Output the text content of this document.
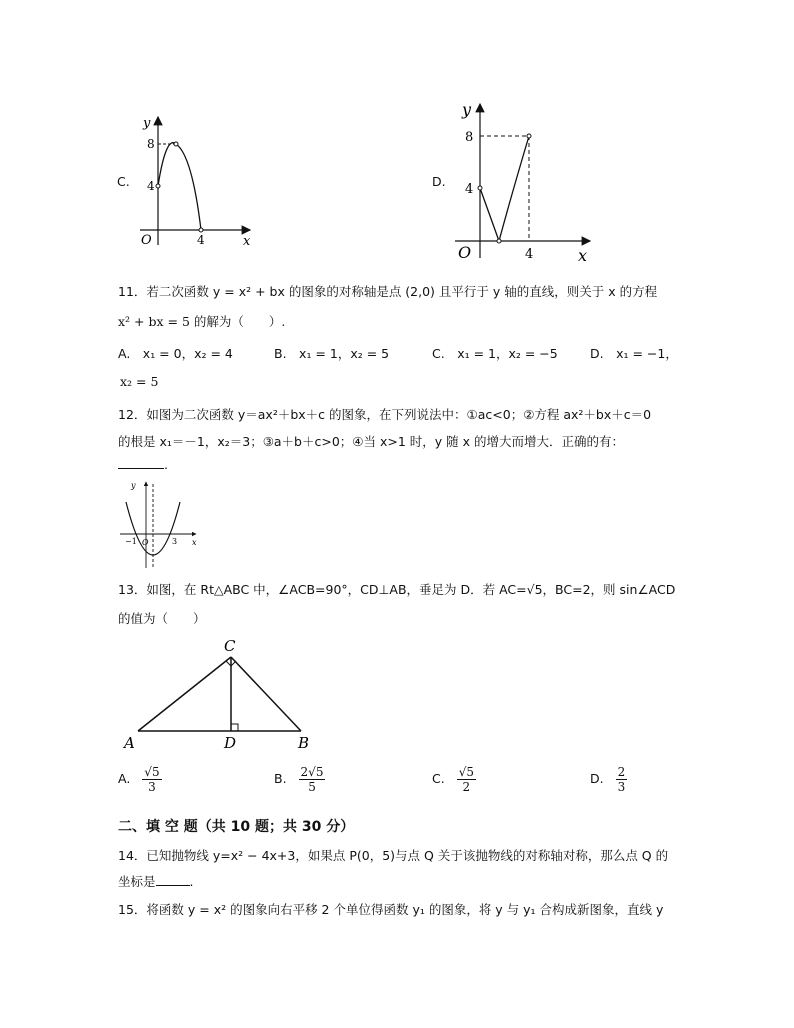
C.
y
x
O
8
4
4
D.
y
x
O
8
4
4
11．若二次函数 y = x² + bx 的图象的对称轴是点 (2,0) 且平行于 y 轴的直线，则关于 x 的方程
x² + bx = 5 的解为（　　）.
A.　x₁ = 0，x₂ = 4	B.　x₁ = 1，x₂ = 5	C.　x₁ = 1，x₂ = −5	D.　x₁ = −1，
x₂ = 5
12．如图为二次函数 y＝ax²＋bx＋c 的图象，在下列说法中：①ac<0；②方程 ax²＋bx＋c＝0
的根是 x₁＝－1，x₂＝3；③a＋b＋c>0；④当 x>1 时，y 随 x 的增大而增大．正确的有：
.
y
x
O
−1	3
13．如图，在 Rt△ABC 中，∠ACB=90°，CD⊥AB，垂足为 D．若 AC=√5，BC=2，则 sin∠ACD
的值为（　　）
C
A	D	B
A. $\frac{√5}{3}$	B. $\frac{2√5}{5}$	C. $\frac{√5}{2}$	D. $\frac{2}{3}$
二、填 空 题（共 10 题；共 30 分）
14．已知抛物线 y=x² − 4x+3，如果点 P(0，5)与点 Q 关于该抛物线的对称轴对称，那么点 Q 的
坐标是	.
15．将函数 y = x² 的图象向右平移 2 个单位得函数 y₁ 的图象，将 y 与 y₁ 合构成新图象，直线 y
